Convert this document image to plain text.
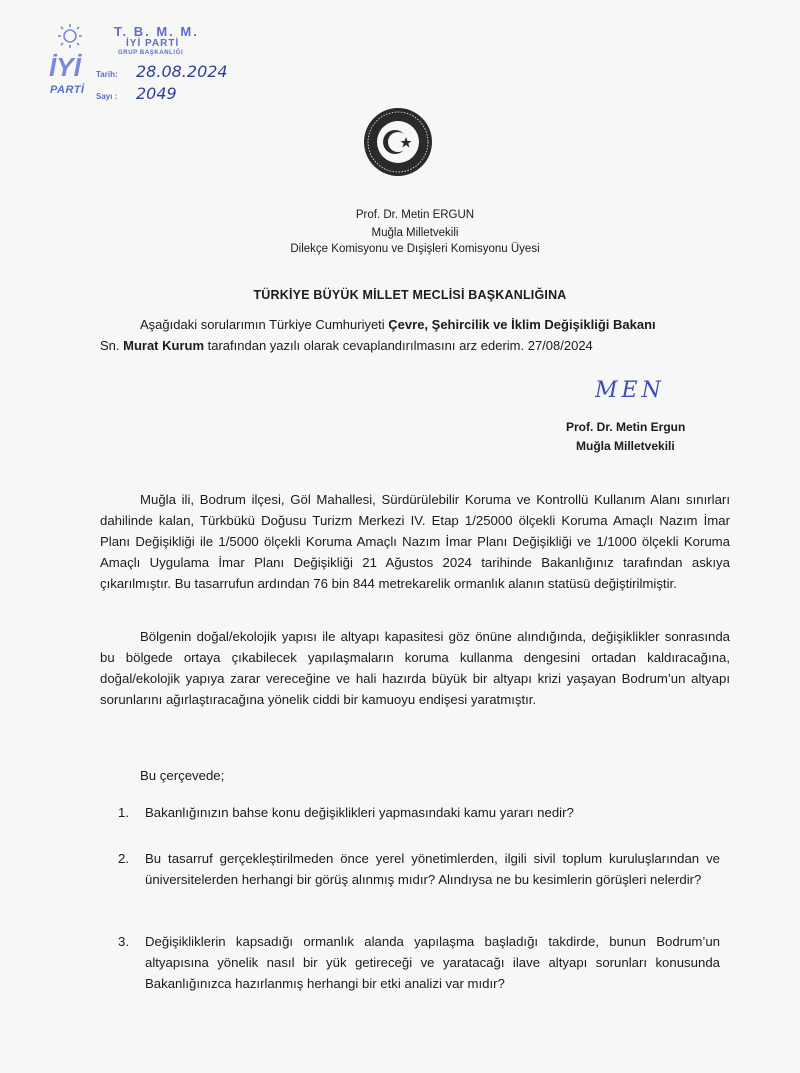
İYİ
PARTİ
T. B. M. M.
İYİ PARTİ
GRUP BAŞKANLIĞI
Tarih:
Sayı :
28.08.2024
2049
Prof. Dr. Metin ERGUN
Muğla Milletvekili
Dilekçe Komisyonu ve Dışişleri Komisyonu Üyesi
TÜRKİYE BÜYÜK MİLLET MECLİSİ BAŞKANLIĞINA
Aşağıdaki sorularımın Türkiye Cumhuriyeti Çevre, Şehircilik ve İklim Değişikliği Bakanı
Sn. Murat Kurum tarafından yazılı olarak cevaplandırılmasını arz ederim. 27/08/2024
MEN
Prof. Dr. Metin Ergun
Muğla Milletvekili
Muğla ili, Bodrum ilçesi, Göl Mahallesi, Sürdürülebilir Koruma ve Kontrollü Kullanım Alanı sınırları dahilinde kalan, Türkbükü Doğusu Turizm Merkezi IV. Etap 1/25000 ölçekli Koruma Amaçlı Nazım İmar Planı Değişikliği ile 1/5000 ölçekli Koruma Amaçlı Nazım İmar Planı Değişikliği ve 1/1000 ölçekli Koruma Amaçlı Uygulama İmar Planı Değişikliği 21 Ağustos 2024 tarihinde Bakanlığınız tarafından askıya çıkarılmıştır. Bu tasarrufun ardından 76 bin 844 metrekarelik ormanlık alanın statüsü değiştirilmiştir.
Bölgenin doğal/ekolojik yapısı ile altyapı kapasitesi göz önüne alındığında, değişiklikler sonrasında bu bölgede ortaya çıkabilecek yapılaşmaların koruma kullanma dengesini ortadan kaldıracağına, doğal/ekolojik yapıya zarar vereceğine ve hali hazırda büyük bir altyapı krizi yaşayan Bodrum’un altyapı sorunlarını ağırlaştıracağına yönelik ciddi bir kamuoyu endişesi yaratmıştır.
Bu çerçevede;
1. Bakanlığınızın bahse konu değişiklikleri yapmasındaki kamu yararı nedir?
2. Bu tasarruf gerçekleştirilmeden önce yerel yönetimlerden, ilgili sivil toplum kuruluşlarından ve üniversitelerden herhangi bir görüş alınmış mıdır? Alındıysa ne bu kesimlerin görüşleri nelerdir?
3. Değişikliklerin kapsadığı ormanlık alanda yapılaşma başladığı takdirde, bunun Bodrum’un altyapısına yönelik nasıl bir yük getireceği ve yaratacağı ilave altyapı sorunları konusunda Bakanlığınızca hazırlanmış herhangi bir etki analizi var mıdır?
